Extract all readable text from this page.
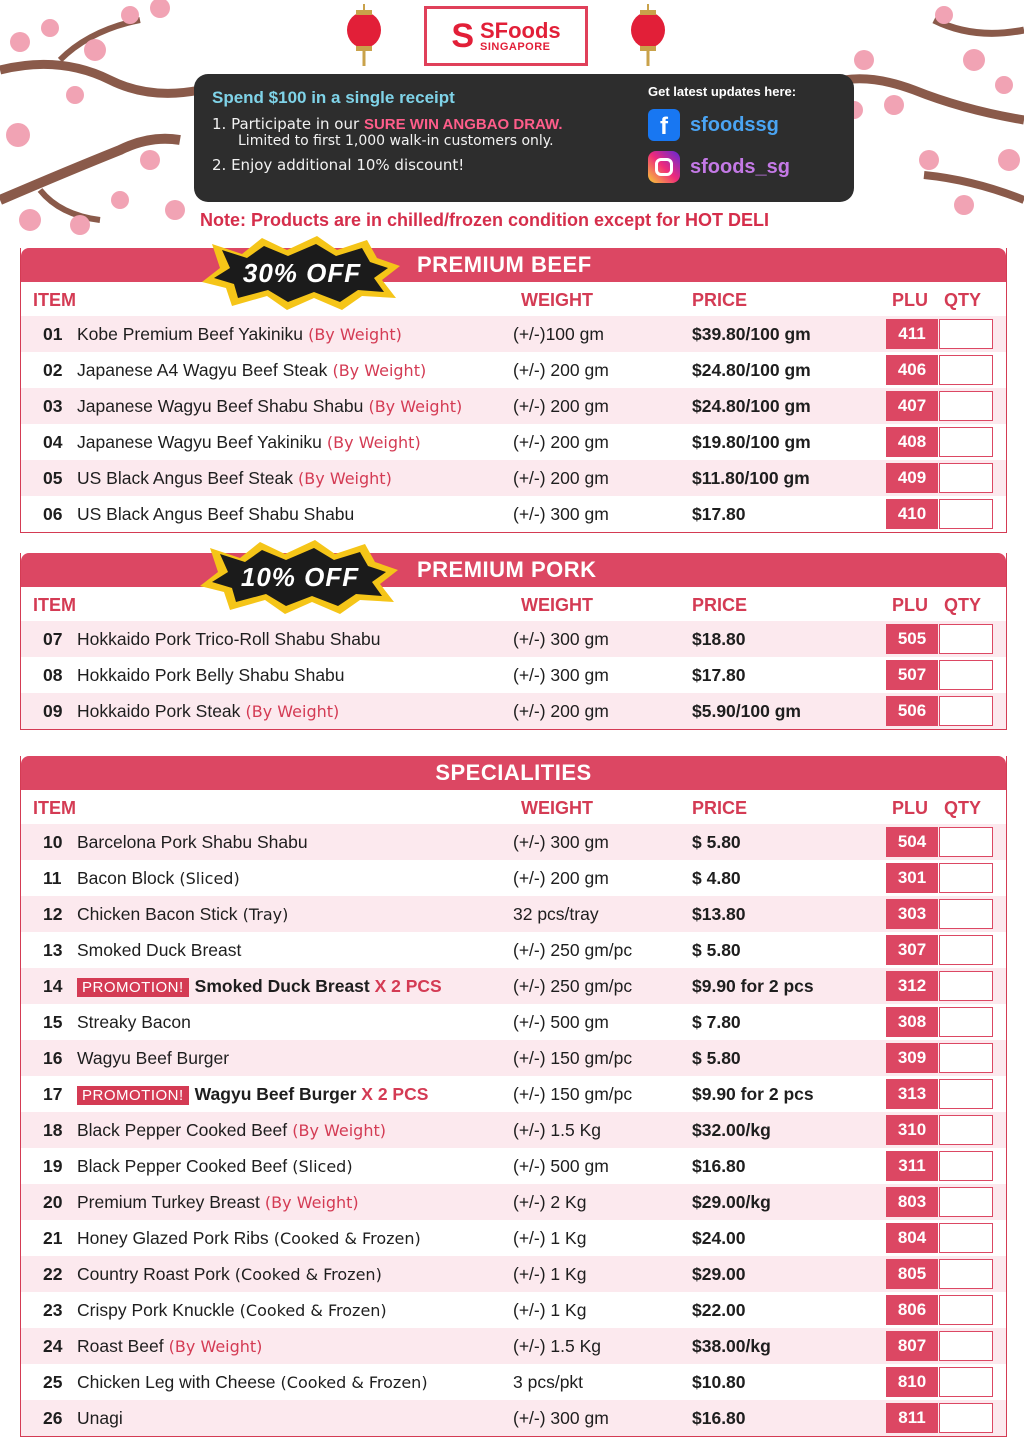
S SFoods
SINGAPORE
Spend $100 in a single receipt
1. Participate in our SURE WIN ANGBAO DRAW.
Limited to first 1,000 walk-in customers only.
2. Enjoy additional 10% discount!
Get latest updates here:
f	sfoodssg
sfoods_sg
Note: Products are in chilled/frozen condition except for HOT DELI
PREMIUM BEEF
ITEM	WEIGHT	PRICE	PLU QTY
01 Kobe Premium Beef Yakiniku (By Weight)	(+/-)100 gm	$39.80/100 gm	411
02 Japanese A4 Wagyu Beef Steak (By Weight)	(+/-) 200 gm	$24.80/100 gm	406
03 Japanese Wagyu Beef Shabu Shabu (By Weight)	(+/-) 200 gm	$24.80/100 gm	407
04 Japanese Wagyu Beef Yakiniku (By Weight)	(+/-) 200 gm	$19.80/100 gm	408
05 US Black Angus Beef Steak (By Weight)	(+/-) 200 gm	$11.80/100 gm	409
06 US Black Angus Beef Shabu Shabu	(+/-) 300 gm	$17.80	410
PREMIUM PORK
ITEM	WEIGHT	PRICE	PLU QTY
07 Hokkaido Pork Trico-Roll Shabu Shabu	(+/-) 300 gm	$18.80	505
08 Hokkaido Pork Belly Shabu Shabu	(+/-) 300 gm	$17.80	507
09 Hokkaido Pork Steak (By Weight)	(+/-) 200 gm	$5.90/100 gm	506
SPECIALITIES
ITEM	WEIGHT	PRICE	PLU QTY
10 Barcelona Pork Shabu Shabu	(+/-) 300 gm	$ 5.80	504
11 Bacon Block (Sliced)	(+/-) 200 gm	$ 4.80	301
12 Chicken Bacon Stick (Tray)	32 pcs/tray	$13.80	303
13 Smoked Duck Breast	(+/-) 250 gm/pc	$ 5.80	307
14	PROMOTION! Smoked Duck Breast X 2 PCS	(+/-) 250 gm/pc	$9.90 for 2 pcs	312
15 Streaky Bacon	(+/-) 500 gm	$ 7.80	308
16 Wagyu Beef Burger	(+/-) 150 gm/pc	$ 5.80	309
17	PROMOTION! Wagyu Beef Burger X 2 PCS	(+/-) 150 gm/pc	$9.90 for 2 pcs	313
18 Black Pepper Cooked Beef (By Weight)	(+/-) 1.5 Kg	$32.00/kg	310
19 Black Pepper Cooked Beef (Sliced)	(+/-) 500 gm	$16.80	311
20 Premium Turkey Breast (By Weight)	(+/-) 2 Kg	$29.00/kg	803
21 Honey Glazed Pork Ribs (Cooked & Frozen)	(+/-) 1 Kg	$24.00	804
22 Country Roast Pork (Cooked & Frozen)	(+/-) 1 Kg	$29.00	805
23 Crispy Pork Knuckle (Cooked & Frozen)	(+/-) 1 Kg	$22.00	806
24 Roast Beef (By Weight)	(+/-) 1.5 Kg	$38.00/kg	807
25 Chicken Leg with Cheese (Cooked & Frozen)	3 pcs/pkt	$10.80	810
26 Unagi	(+/-) 300 gm	$16.80	811
30% OFF
10% OFF
